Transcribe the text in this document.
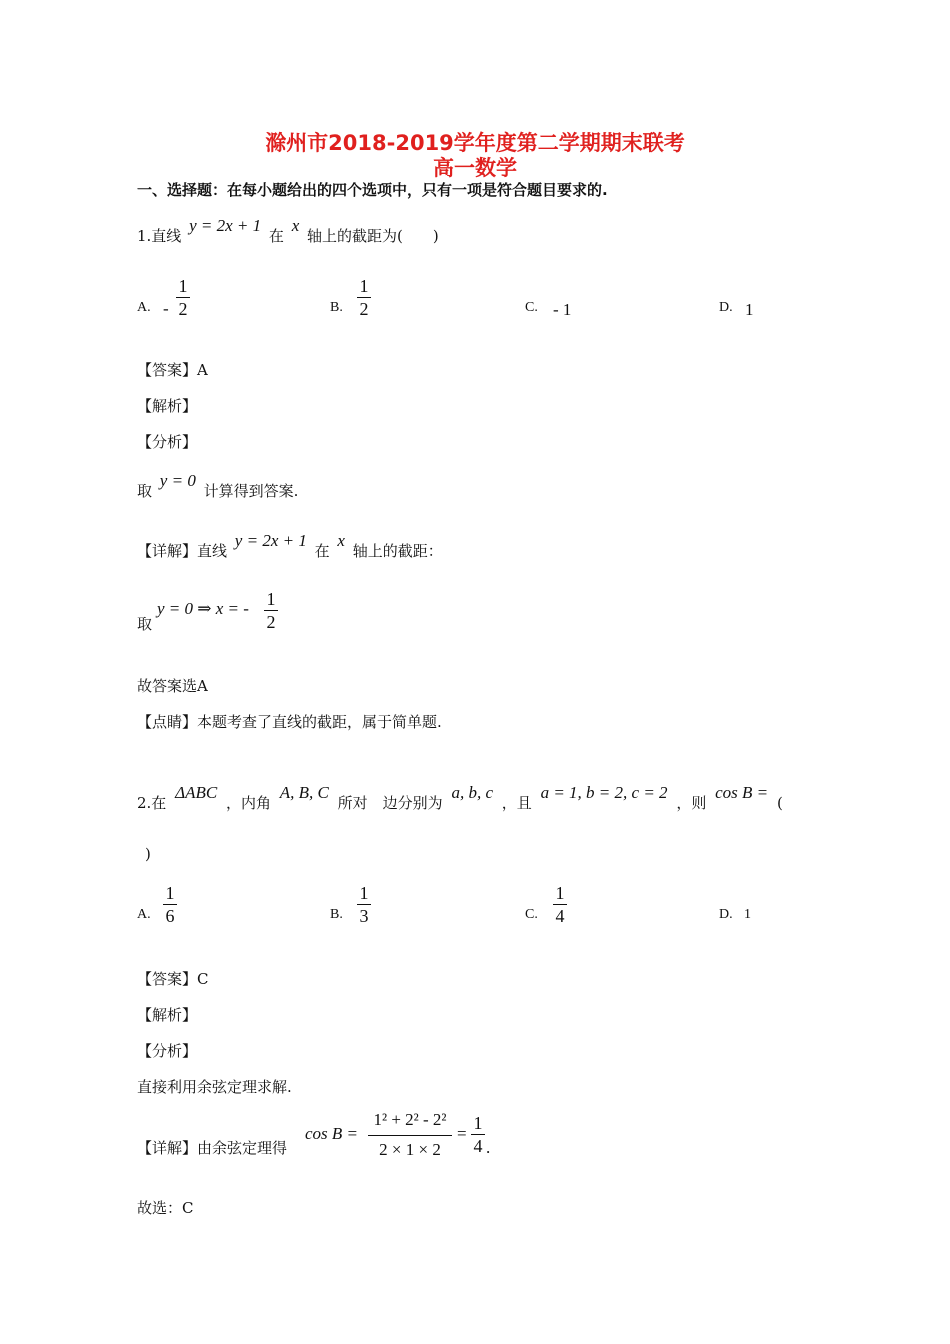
滁州市2018-2019学年度第二学期期末联考
高一数学
一、选择题：在每小题给出的四个选项中，只有一项是符合题目要求的.
1.直线 y = 2x + 1 在 x 轴上的截距为(　　)
A. -
1
2	B.
1
2	C. - 1	D. 1
【答案】A
【解析】
【分析】
取 y = 0 计算得到答案.
【详解】直线 y = 2x + 1 在 x 轴上的截距：
取
y = 0 ⇒ x = - 1
2
故答案选A
【点睛】本题考查了直线的截距，属于简单题.
2.在 ΔABC ，内角 A, B, C 所对　边分别为 a, b, c ，且 a = 1, b = 2, c = 2 ，则 cos B = (
)
A.
1
6	B.
1
3	C.
1
4	D. 1
【答案】C
【解析】
【分析】
直接利用余弦定理求解.
【详解】由余弦定理得
cos B =
1² + 2² - 2²
2 × 1 × 2
=
1
4 .
故选：C
